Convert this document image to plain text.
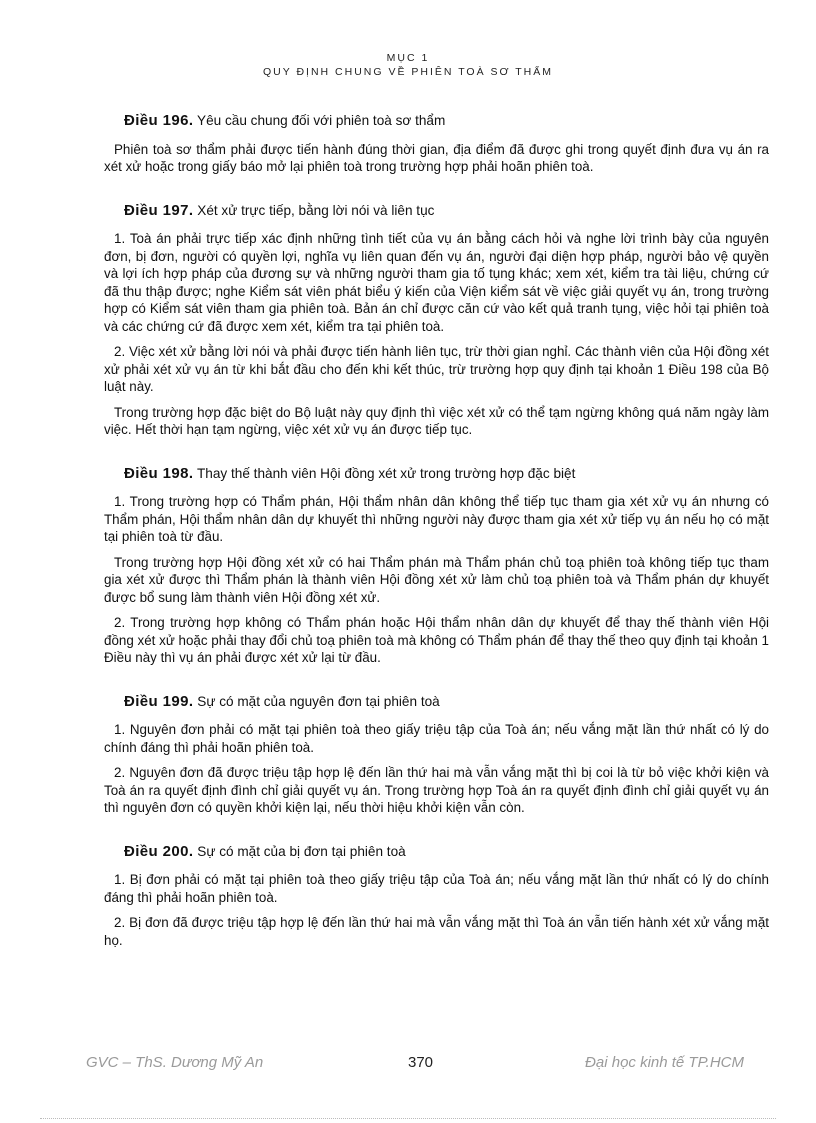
MỤC 1
QUY ĐỊNH CHUNG VỀ PHIÊN TOÀ SƠ THẨM
Điều 196. Yêu cầu chung đối với phiên toà sơ thẩm

Phiên toà sơ thẩm phải được tiến hành đúng thời gian, địa điểm đã được ghi trong quyết định đưa vụ án ra xét xử hoặc trong giấy báo mở lại phiên toà trong trường hợp phải hoãn phiên toà.

Điều 197. Xét xử trực tiếp, bằng lời nói và liên tục

1. Toà án phải trực tiếp xác định những tình tiết của vụ án bằng cách hỏi và nghe lời trình bày của nguyên đơn, bị đơn, người có quyền lợi, nghĩa vụ liên quan đến vụ án, người đại diện hợp pháp, người bảo vệ quyền và lợi ích hợp pháp của đương sự và những người tham gia tố tụng khác; xem xét, kiểm tra tài liệu, chứng cứ đã thu thập được; nghe Kiểm sát viên phát biểu ý kiến của Viện kiểm sát về việc giải quyết vụ án, trong trường hợp có Kiểm sát viên tham gia phiên toà. Bản án chỉ được căn cứ vào kết quả tranh tụng, việc hỏi tại phiên toà và các chứng cứ đã được xem xét, kiểm tra tại phiên toà.

2. Việc xét xử bằng lời nói và phải được tiến hành liên tục, trừ thời gian nghỉ. Các thành viên của Hội đồng xét xử phải xét xử vụ án từ khi bắt đầu cho đến khi kết thúc, trừ trường hợp quy định tại khoản 1 Điều 198 của Bộ luật này.

Trong trường hợp đặc biệt do Bộ luật này quy định thì việc xét xử có thể tạm ngừng không quá năm ngày làm việc. Hết thời hạn tạm ngừng, việc xét xử vụ án được tiếp tục.

Điều 198. Thay thế thành viên Hội đồng xét xử trong trường hợp đặc biệt

1. Trong trường hợp có Thẩm phán, Hội thẩm nhân dân không thể tiếp tục tham gia xét xử vụ án nhưng có Thẩm phán, Hội thẩm nhân dân dự khuyết thì những người này được tham gia xét xử tiếp vụ án nếu họ có mặt tại phiên toà từ đầu.

Trong trường hợp Hội đồng xét xử có hai Thẩm phán mà Thẩm phán chủ toạ phiên toà không tiếp tục tham gia xét xử được thì Thẩm phán là thành viên Hội đồng xét xử làm chủ toạ phiên toà và Thẩm phán dự khuyết được bổ sung làm thành viên Hội đồng xét xử.

2. Trong trường hợp không có Thẩm phán hoặc Hội thẩm nhân dân dự khuyết để thay thế thành viên Hội đồng xét xử hoặc phải thay đổi chủ toạ phiên toà mà không có Thẩm phán để thay thế theo quy định tại khoản 1 Điều này thì vụ án phải được xét xử lại từ đầu.

Điều 199. Sự có mặt của nguyên đơn tại phiên toà

1. Nguyên đơn phải có mặt tại phiên toà theo giấy triệu tập của Toà án; nếu vắng mặt lần thứ nhất có lý do chính đáng thì phải hoãn phiên toà.

2. Nguyên đơn đã được triệu tập hợp lệ đến lần thứ hai mà vẫn vắng mặt thì bị coi là từ bỏ việc khởi kiện và Toà án ra quyết định đình chỉ giải quyết vụ án. Trong trường hợp Toà án ra quyết định đình chỉ giải quyết vụ án thì nguyên đơn có quyền khởi kiện lại, nếu thời hiệu khởi kiện vẫn còn.

Điều 200. Sự có mặt của bị đơn tại phiên toà

1. Bị đơn phải có mặt tại phiên toà theo giấy triệu tập của Toà án; nếu vắng mặt lần thứ nhất có lý do chính đáng thì phải hoãn phiên toà.

2. Bị đơn đã được triệu tập hợp lệ đến lần thứ hai mà vẫn vắng mặt thì Toà án vẫn tiến hành xét xử vắng mặt họ.

GVC – ThS. Dương Mỹ An	370	Đại học kinh tế TP.HCM
